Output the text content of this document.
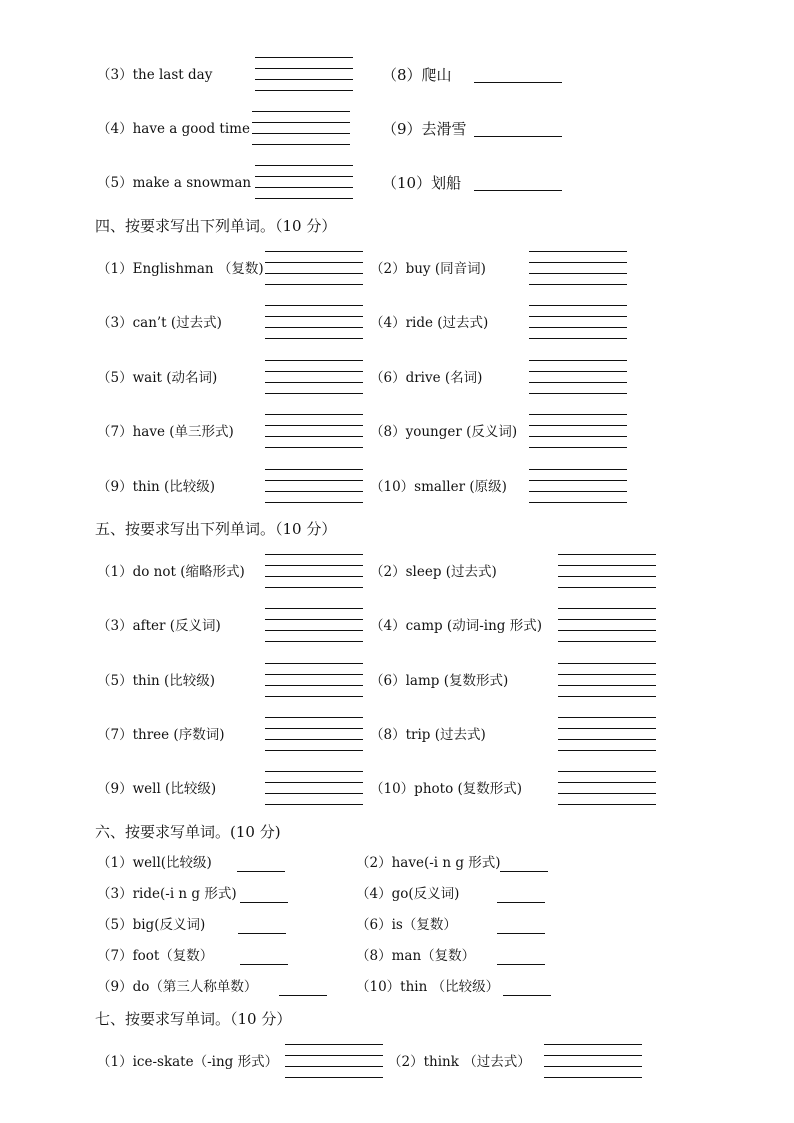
（3）the last day	（8）爬山
（4）have a good time	（9）去滑雪
（5）make a snowman	（10）划船
四、按要求写出下列单词。（10 分）
（1）Englishman （复数)	（2）buy (同音词)
（3）can’t (过去式)	（4）ride (过去式)
（5）wait (动名词)	（6）drive (名词)
（7）have (单三形式)	（8）younger (反义词)
（9）thin (比较级)	（10）smaller (原级)
五、按要求写出下列单词。（10 分）
（1）do not (缩略形式)	（2）sleep (过去式)
（3）after (反义词)	（4）camp (动词-ing 形式)
（5）thin (比较级)	（6）lamp (复数形式)
（7）three (序数词)	（8）trip (过去式)
（9）well (比较级)	（10）photo (复数形式)
六、按要求写单词。(10 分)
（1）well(比较级)	（2）have(-i n g 形式)
（3）ride(-i n g 形式)	（4）go(反义词)
（5）big(反义词)	（6）is（复数）
（7）foot（复数）	（8）man（复数）
（9）do（第三人称单数）	（10）thin （比较级）
七、按要求写单词。（10 分）
（1）ice-skate（-ing 形式）	（2）think （过去式）
